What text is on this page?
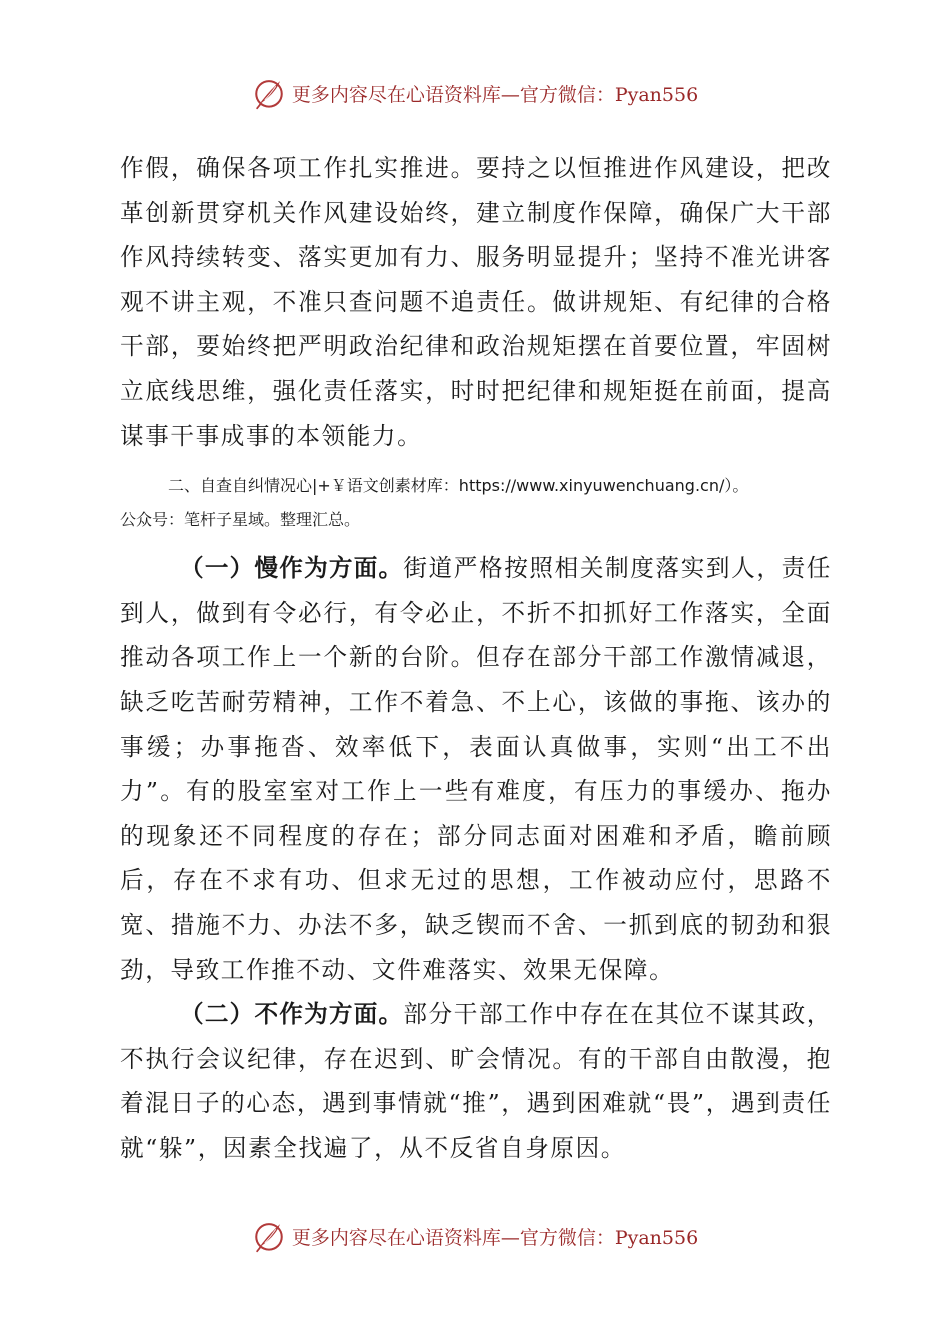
更多内容尽在心语资料库—官方微信：Pyan556

作假，确保各项工作扎实推进。要持之以恒推进作风建设，把改革创新贯穿机关作风建设始终，建立制度作保障，确保广大干部作风持续转变、落实更加有力、服务明显提升；坚持不准光讲客观不讲主观，不准只查问题不追责任。做讲规矩、有纪律的合格干部，要始终把严明政治纪律和政治规矩摆在首要位置，牢固树立底线思维，强化责任落实，时时把纪律和规矩挺在前面，提高谋事干事成事的本领能力。

二、自查自纠情况心|+￥语文创素材库：https://www.xinyuwenchuang.cn/）。

公众号：笔杆子星域。整理汇总。

（一）慢作为方面。街道严格按照相关制度落实到人，责任到人，做到有令必行，有令必止，不折不扣抓好工作落实，全面推动各项工作上一个新的台阶。但存在部分干部工作激情减退，缺乏吃苦耐劳精神，工作不着急、不上心，该做的事拖、该办的事缓；办事拖沓、效率低下，表面认真做事，实则“出工不出力”。有的股室室对工作上一些有难度，有压力的事缓办、拖办的现象还不同程度的存在；部分同志面对困难和矛盾，瞻前顾后，存在不求有功、但求无过的思想，工作被动应付，思路不宽、措施不力、办法不多，缺乏锲而不舍、一抓到底的韧劲和狠劲，导致工作推不动、文件难落实、效果无保障。

（二）不作为方面。部分干部工作中存在在其位不谋其政，不执行会议纪律，存在迟到、旷会情况。有的干部自由散漫，抱着混日子的心态，遇到事情就“推”，遇到困难就“畏”，遇到责任就“躲”，因素全找遍了，从不反省自身原因。

更多内容尽在心语资料库—官方微信：Pyan556
